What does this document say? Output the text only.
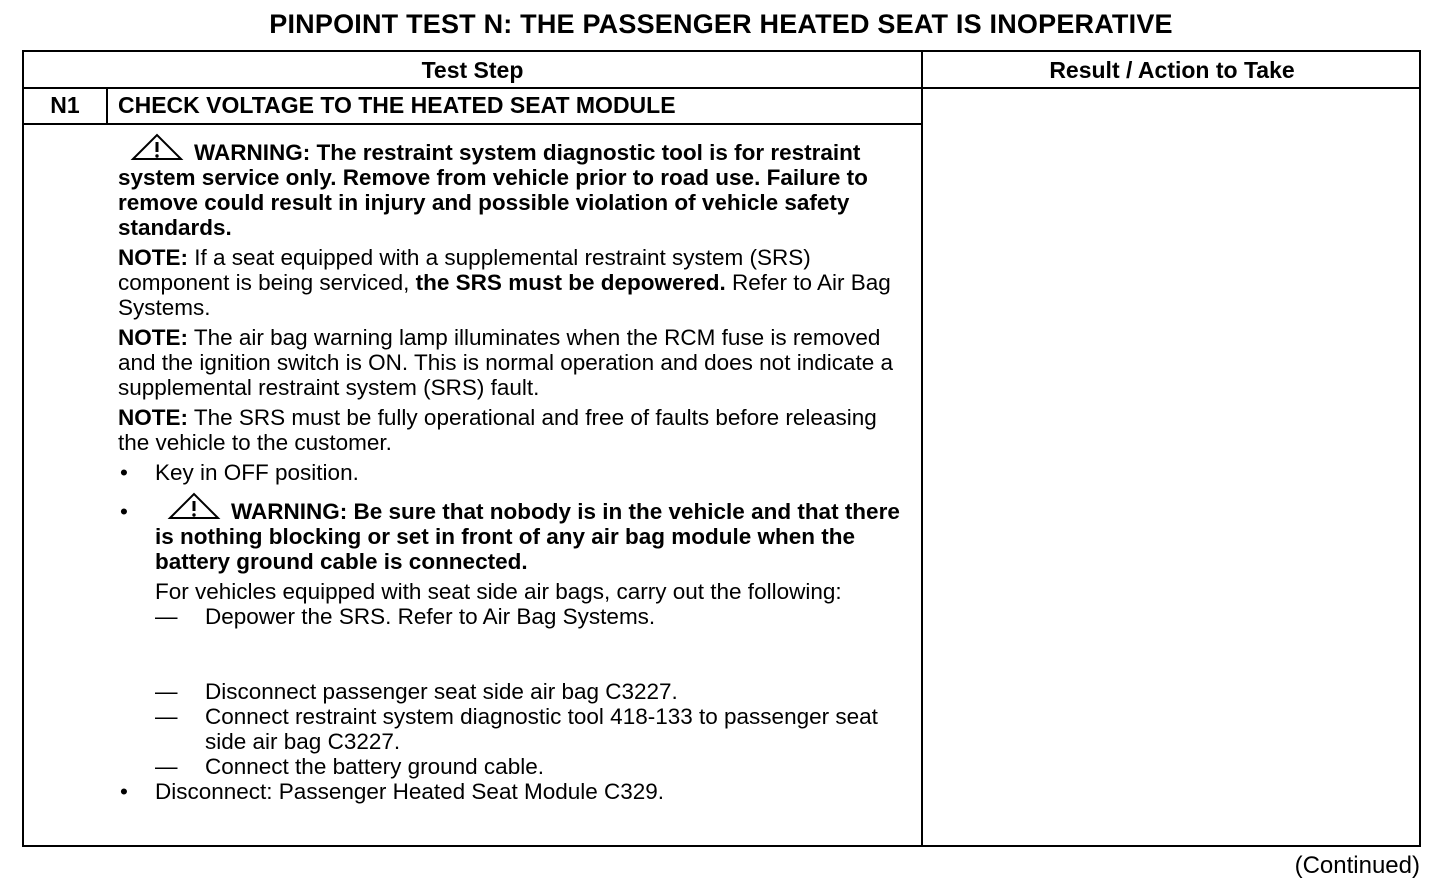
PINPOINT TEST N: THE PASSENGER HEATED SEAT IS INOPERATIVE
Test Step	Result / Action to Take
N1	CHECK VOLTAGE TO THE HEATED SEAT MODULE

WARNING: The restraint system diagnostic tool is for restraint system service only. Remove from vehicle prior to road use. Failure to remove could result in injury and possible violation of vehicle safety standards.

NOTE: If a seat equipped with a supplemental restraint system (SRS) component is being serviced, the SRS must be depowered. Refer to Air Bag Systems.

NOTE: The air bag warning lamp illuminates when the RCM fuse is removed and the ignition switch is ON. This is normal operation and does not indicate a supplemental restraint system (SRS) fault.

NOTE: The SRS must be fully operational and free of faults before releasing the vehicle to the customer.

• Key in OFF position.
•	WARNING: Be sure that nobody is in the vehicle and that there is nothing blocking or set in front of any air bag module when the battery ground cable is connected.

For vehicles equipped with seat side air bags, carry out the following:

— Depower the SRS. Refer to Air Bag Systems.
— Disconnect passenger seat side air bag C3227.
— Connect restraint system diagnostic tool 418-133 to passenger seat side air bag C3227.
— Connect the battery ground cable.
• Disconnect: Passenger Heated Seat Module C329.
(Continued)
